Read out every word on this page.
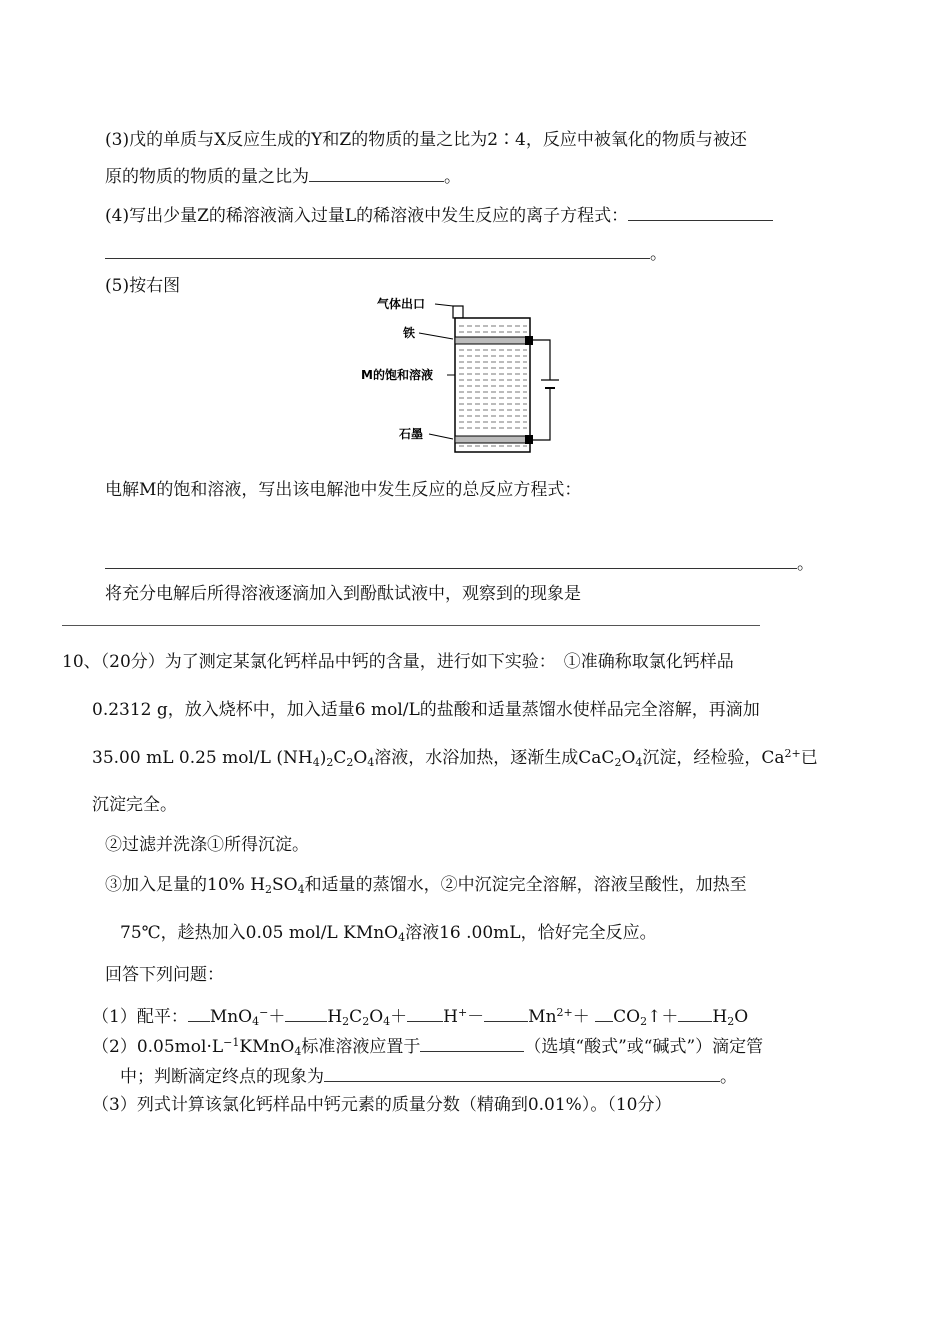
(3)戊的单质与X反应生成的Y和Z的物质的量之比为2∶4，反应中被氧化的物质与被还
原的物质的物质的量之比为	。
(4)写出少量Z的稀溶液滴入过量L的稀溶液中发生反应的离子方程式：
。
(5)按右图
气体出口
铁
M的饱和溶液
石墨
电解M的饱和溶液，写出该电解池中发生反应的总反应方程式：
。
将充分电解后所得溶液逐滴加入到酚酞试液中，观察到的现象是
10、（20分）为了测定某氯化钙样品中钙的含量，进行如下实验： ①准确称取氯化钙样品
0.2312 g，放入烧杯中，加入适量6 mol/L的盐酸和适量蒸馏水使样品完全溶解，再滴加
35.00 mL 0.25 mol/L $(NH_4)_2C_2O_4$溶液，水浴加热，逐渐生成$CaC_2O_4$沉淀，经检验，$Ca^{2+}$已
沉淀完全。
②过滤并洗涤①所得沉淀。
③加入足量的10% $H_2SO_4$和适量的蒸馏水，②中沉淀完全溶解，溶液呈酸性，加热至
75℃，趁热加入0.05 mol/L KMnO$_4$溶液16 .00mL，恰好完全反应。
回答下列问题：
（1）配平： $MnO_4^-+ H_2C_2O_4+ H^+-$	$Mn^{2+}+$ $CO_2↑+ H_2O$
$(2)0.05mol\cdot L^{-1}KMnO_4$标准溶液应置于	（选填“酸式”或“碱式”）滴定管
中；判断滴定终点的现象为	。
（3）列式计算该氯化钙样品中钙元素的质量分数（精确到0.01%）。（10分）
